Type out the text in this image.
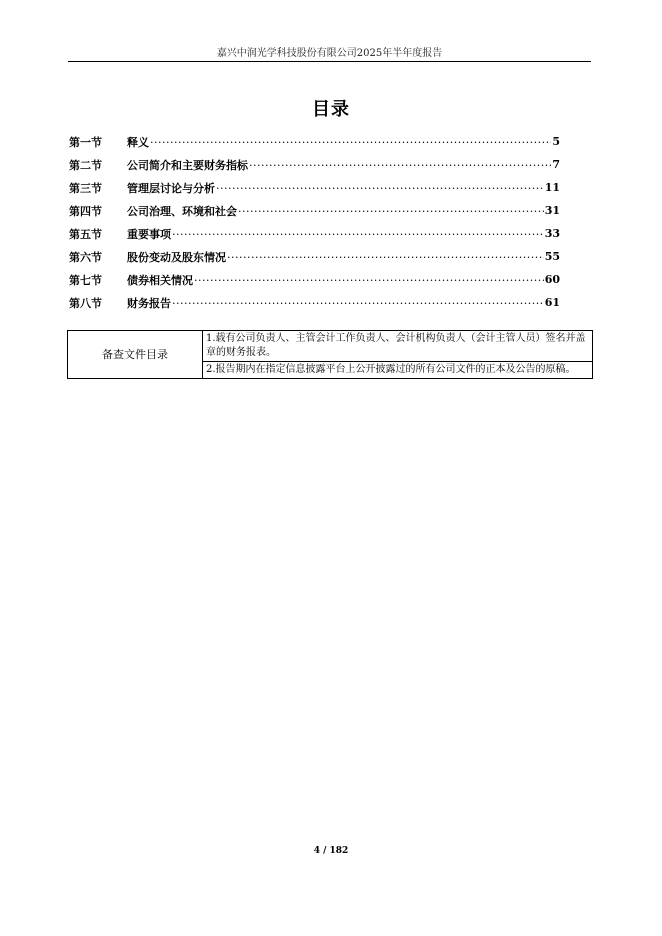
嘉兴中润光学科技股份有限公司2025年半年度报告
目录
第一节	释义 .....	5
第二节	公司简介和主要财务指标 .....	7
第三节	管理层讨论与分析 .....	11
第四节	公司治理、环境和社会 .....	31
第五节	重要事项 .....	33
第六节	股份变动及股东情况 .....	55
第七节	债券相关情况 .....	60
第八节	财务报告 .....	61
备查文件目录	1.载有公司负责人、主管会计工作负责人、会计机构负责人（会计主管人员）签名并盖章的财务报表。
2.报告期内在指定信息披露平台上公开披露过的所有公司文件的正本及公告的原稿。
4 / 182
